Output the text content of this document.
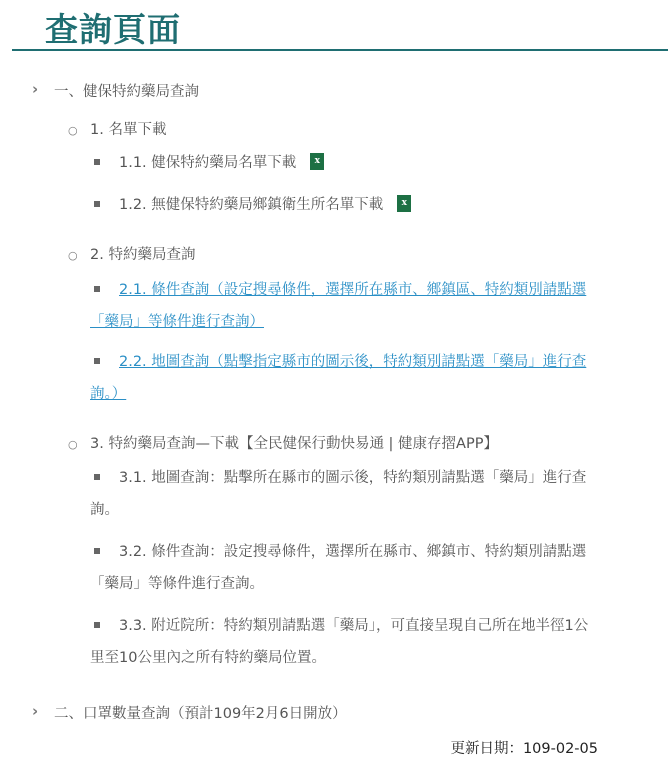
查詢頁面
› 一、健保特約藥局查詢
○ 1. 名單下載
1.1. 健保特約藥局名單下載 x
1.2. 無健保特約藥局鄉鎮衛生所名單下載 x
○ 2. 特約藥局查詢
2.1. 條件查詢（設定搜尋條件，選擇所在縣市、鄉鎮區、特約類別請點選「藥局」等條件進行查詢）
2.2. 地圖查詢（點擊指定縣市的圖示後，特約類別請點選「藥局」進行查詢。）
○ 3. 特約藥局查詢—下載【全民健保行動快易通 | 健康存摺APP】
3.1. 地圖查詢：點擊所在縣市的圖示後，特約類別請點選「藥局」進行查詢。
3.2. 條件查詢：設定搜尋條件，選擇所在縣市、鄉鎮市、特約類別請點選「藥局」等條件進行查詢。
3.3. 附近院所：特約類別請點選「藥局」，可直接呈現自己所在地半徑1公里至10公里內之所有特約藥局位置。
› 二、口罩數量查詢（預計109年2月6日開放）
更新日期：109-02-05
